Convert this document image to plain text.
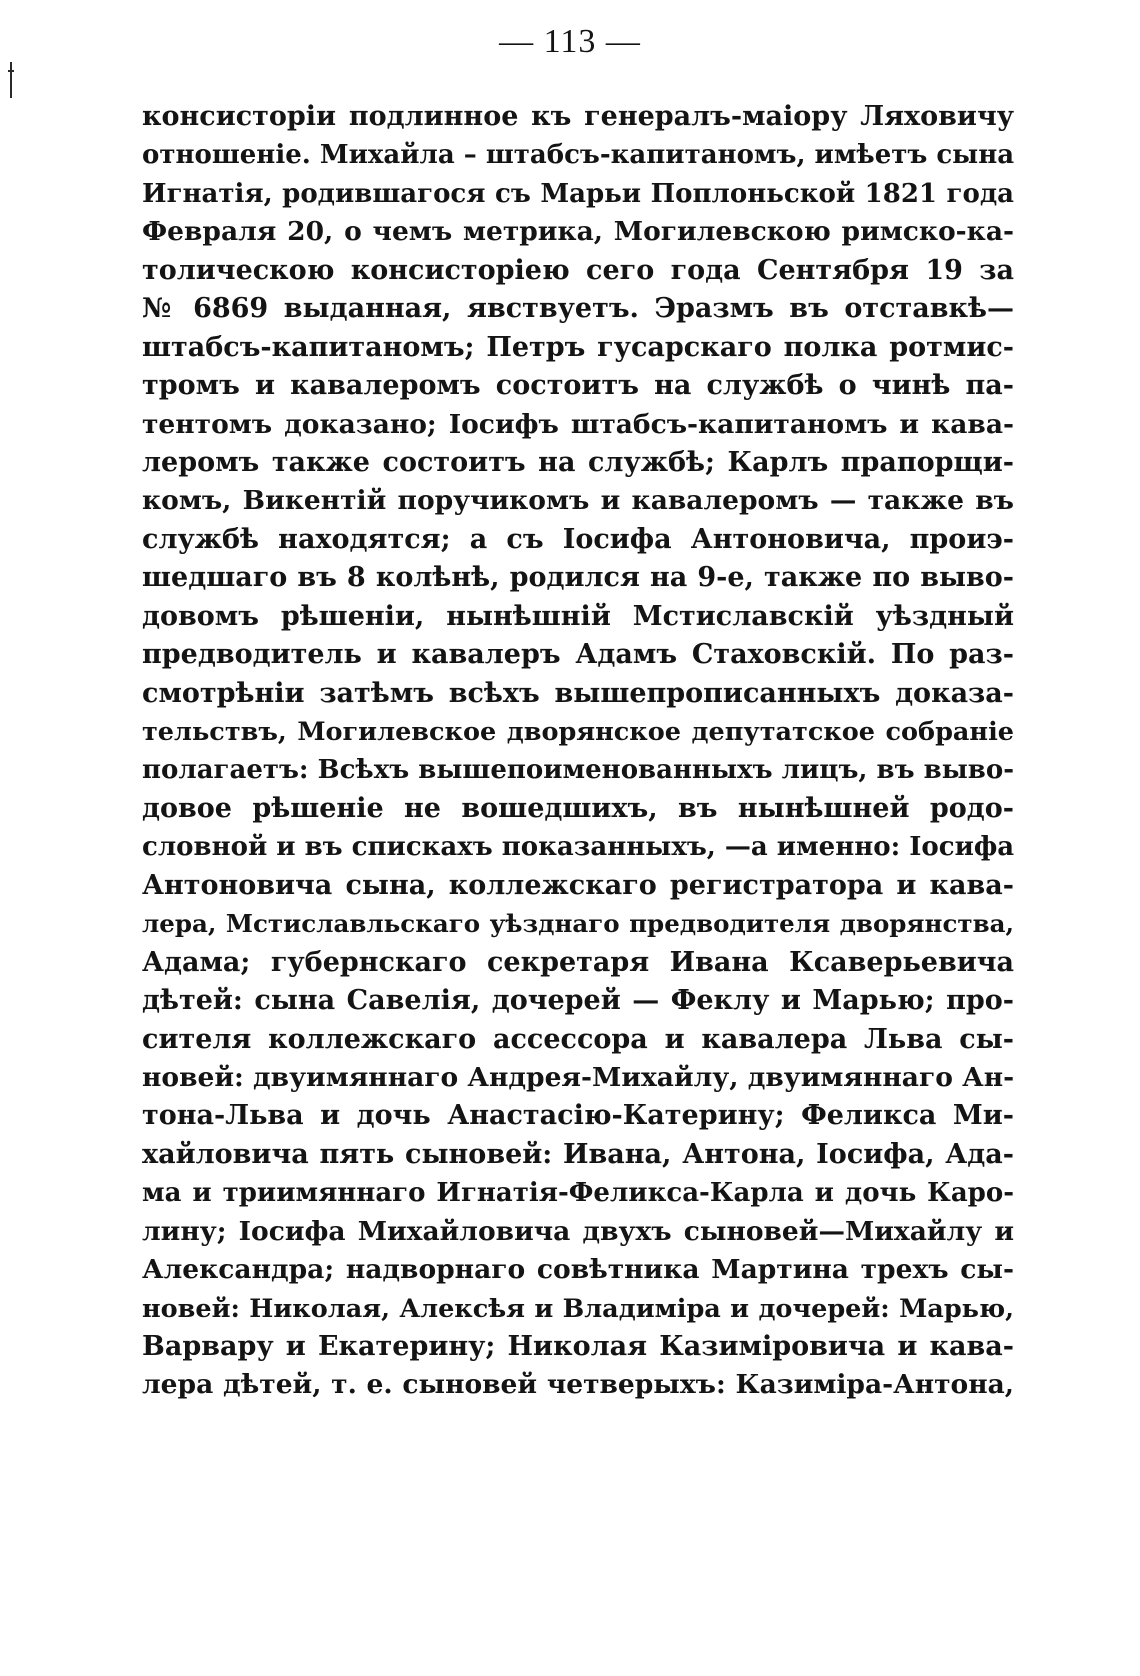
— 113 —
консисторіи подлинное къ генералъ-маіору Ляховичу
отношеніе. Михайла – штабсъ-капитаномъ, имѣетъ сына
Игнатія, родившагося съ Марьи Поплоньской 1821 года
Февраля 20, о чемъ метрика, Могилевскою римско-ка-
толическою консисторіею сего года Сентября 19 за
№ 6869 выданная, явствуетъ. Эразмъ въ отставкѣ—
штабсъ-капитаномъ; Петръ гусарскаго полка ротмис-
тромъ и кавалеромъ состоитъ на службѣ о чинѣ па-
тентомъ доказано; Іосифъ штабсъ-капитаномъ и кава-
леромъ также состоитъ на службѣ; Карлъ прапорщи-
комъ, Викентій поручикомъ и кавалеромъ — также въ
службѣ находятся; а съ Іосифа Антоновича, проиэ-
шедшаго въ 8 колѣнѣ, родился на 9-е, также по выво-
довомъ рѣшеніи, нынѣшній Мстиславскій уѣздный
предводитель и кавалеръ Адамъ Стаховскій. По раз-
смотрѣніи затѣмъ всѣхъ вышепрописанныхъ доказа-
тельствъ, Могилевское дворянское депутатское собраніе
полагаетъ: Всѣхъ вышепоименованныхъ лицъ, въ выво-
довое рѣшеніе не вошедшихъ, въ нынѣшней родо-
словной и въ спискахъ показанныхъ, —а именно: Іосифа
Антоновича сына, коллежскаго регистратора и кава-
лера, Мстиславльскаго уѣзднаго предводителя дворянства,
Адама; губернскаго секретаря Ивана Ксаверьевича
дѣтей: сына Савелія, дочерей — Феклу и Марью; про-
сителя коллежскаго ассессора и кавалера Льва сы-
новей: двуимяннаго Андрея-Михайлу, двуимяннаго Ан-
тона-Льва и дочь Анастасію-Катерину; Феликса Ми-
хайловича пять сыновей: Ивана, Антона, Іосифа, Ада-
ма и триимяннаго Игнатія-Феликса-Карла и дочь Каро-
лину; Іосифа Михайловича двухъ сыновей—Михайлу и
Александра; надворнаго совѣтника Мартина трехъ сы-
новей: Николая, Алексѣя и Владиміра и дочерей: Марью,
Варвару и Екатерину; Николая Казиміровича и кава-
лера дѣтей, т. е. сыновей четверыхъ: Казиміра-Антона,
